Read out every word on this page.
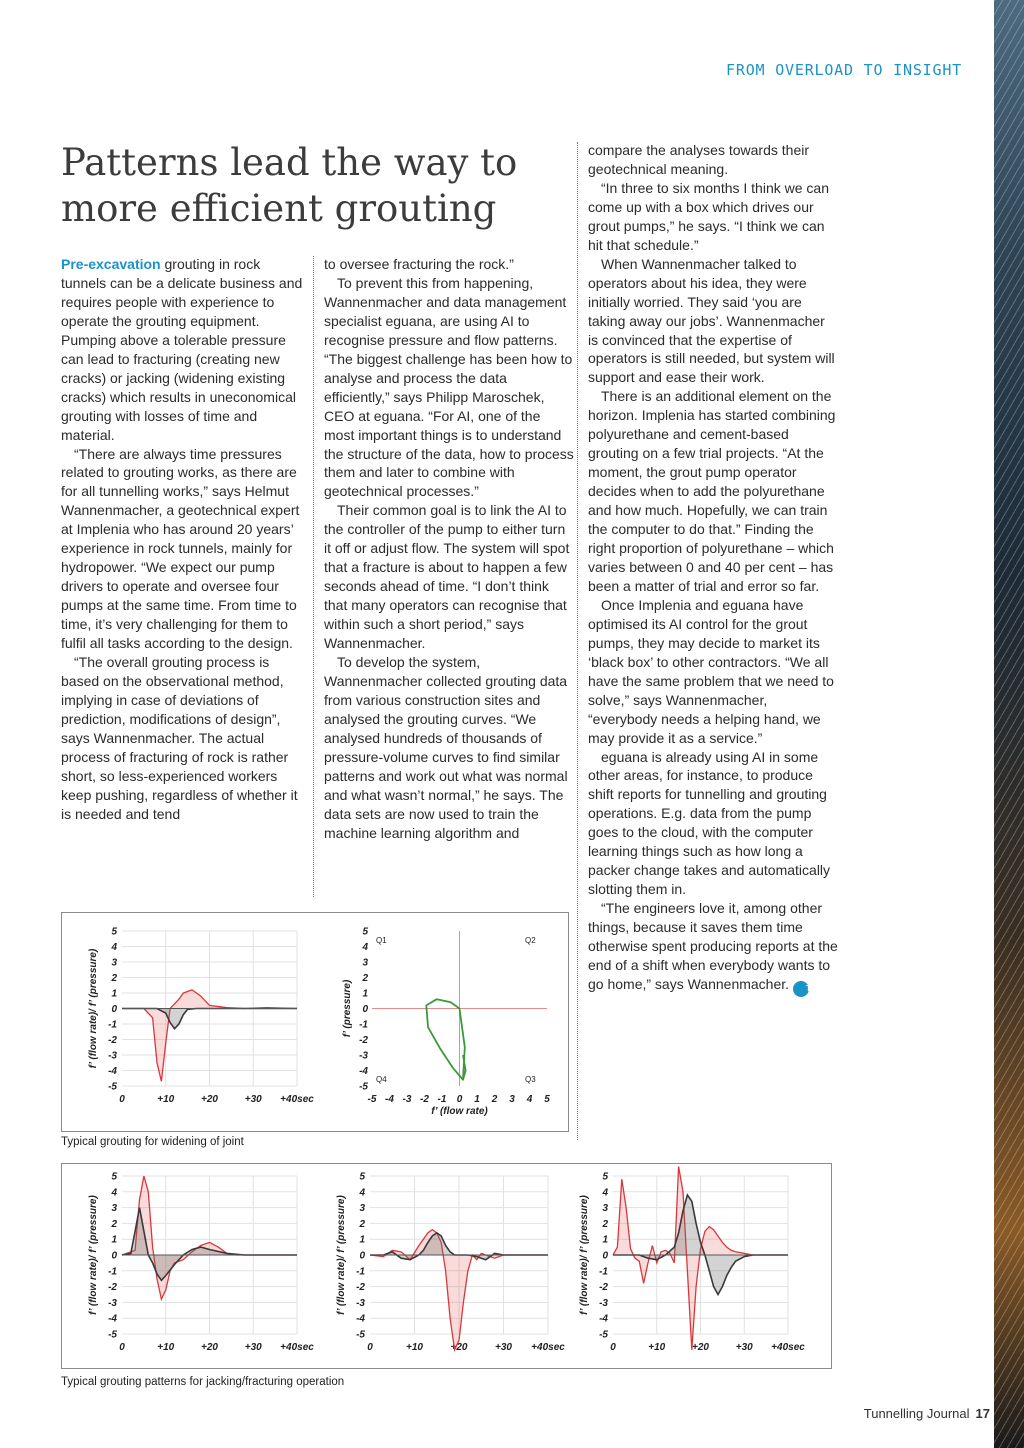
FROM OVERLOAD TO INSIGHT
Patterns lead the way to more efficient grouting

Pre-excavation grouting in rock tunnels can be a delicate business and requires people with experience to operate the grouting equipment. Pumping above a tolerable pressure can lead to fracturing (creating new cracks) or jacking (widening existing cracks) which results in uneconomical grouting with losses of time and material.

“There are always time pressures related to grouting works, as there are for all tunnelling works,” says Helmut Wannenmacher, a geotechnical expert at Implenia who has around 20 years’ experience in rock tunnels, mainly for hydropower. “We expect our pump drivers to operate and oversee four pumps at the same time. From time to time, it’s very challenging for them to fulfil all tasks according to the design.

“The overall grouting process is based on the observational method, implying in case of deviations of prediction, modifications of design”, says Wannenmacher. The actual process of fracturing of rock is rather short, so less-experienced workers keep pushing, regardless of whether it is needed and tend

to oversee fracturing the rock.”

To prevent this from happening, Wannenmacher and data management specialist eguana, are using AI to recognise pressure and flow patterns. “The biggest challenge has been how to analyse and process the data efficiently,” says Philipp Maroschek, CEO at eguana. “For AI, one of the most important things is to understand the structure of the data, how to process them and later to combine with geotechnical processes.”

Their common goal is to link the AI to the controller of the pump to either turn it off or adjust flow. The system will spot that a fracture is about to happen a few seconds ahead of time. “I don’t think that many operators can recognise that within such a short period,” says Wannenmacher.

To develop the system, Wannenmacher collected grouting data from various construction sites and analysed the grouting curves. “We analysed hundreds of thousands of pressure-volume curves to find similar patterns and work out what was normal and what wasn’t normal,” he says. The data sets are now used to train the machine learning algorithm and

compare the analyses towards their geotechnical meaning.

“In three to six months I think we can come up with a box which drives our grout pumps,” he says. “I think we can hit that schedule.”

When Wannenmacher talked to operators about his idea, they were initially worried. They said ‘you are taking away our jobs’. Wannenmacher is convinced that the expertise of operators is still needed, but system will support and ease their work.

There is an additional element on the horizon. Implenia has started combining polyurethane and cement-based grouting on a few trial projects. “At the moment, the grout pump operator decides when to add the polyurethane and how much. Hopefully, we can train the computer to do that.” Finding the right proportion of polyurethane – which varies between 0 and 40 per cent – has been a matter of trial and error so far.

Once Implenia and eguana have optimised its AI control for the grout pumps, they may decide to market its ‘black box’ to other contractors. “We all have the same problem that we need to solve,” says Wannenmacher, “everybody needs a helping hand, we may provide it as a service.”

eguana is already using AI in some other areas, for instance, to produce shift reports for tunnelling and grouting operations. E.g. data from the pump goes to the cloud, with the computer learning things such as how long a packer change takes and automatically slotting them in.

“The engineers love it, among other things, because it saves them time otherwise spent producing reports at the end of a shift when everybody wants to go home,” says Wannenmacher. TJ

5
4
3
2
1
0
-1
-2
-3
-4
-5
0	+10	+20	+30 +40sec
f’ (flow rate)/ f’ (pressure)
5
4
3
2
1
0
-1
-2
-3
-4
-5
-5 -4 -3 -2 -1 0 1 2 3 4 5
Q1	Q2
Q3
Q4
f’ (pressure)
f’ (flow rate)
Typical grouting for widening of joint
5
4
3
2
1
0
-1
-2
-3
-4
-5
0	+10	+20	+30 +40sec
f’ (flow rate)/ f’ (pressure)
5
4
3
2
1
0
-1
-2
-3
-4
-5
0	+10	+20	+30 +40sec
f’ (flow rate)/ f’ (pressure)
5
4
3
2
1
0
-1
-2
-3
-4
-5
0	+10	+20	+30 +40sec
f’ (flow rate)/ f’ (pressure)
Typical grouting patterns for jacking/fracturing operation
Tunnelling Journal 17
